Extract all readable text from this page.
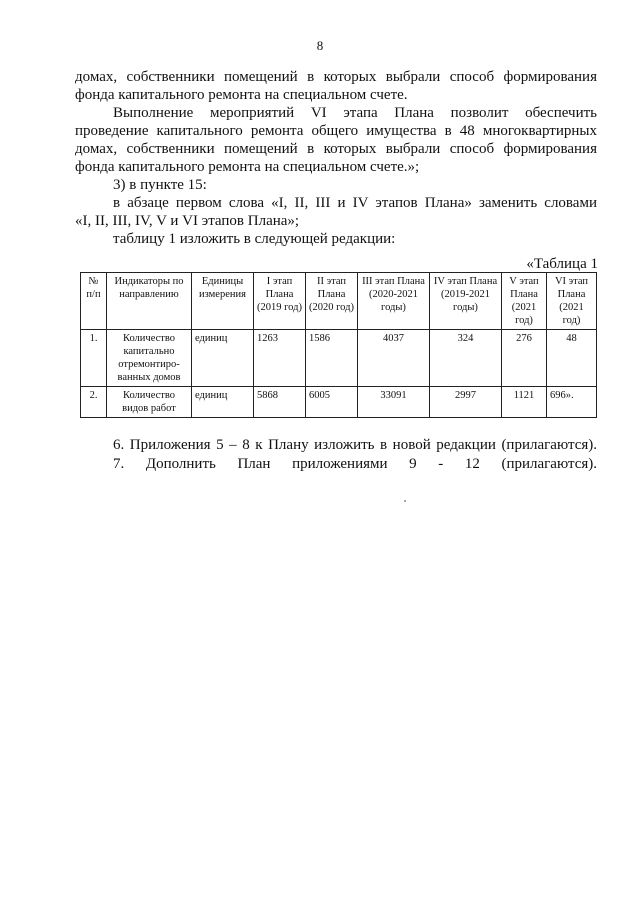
8
домах, собственники помещений в которых выбрали способ формирования
фонда капитального ремонта на специальном счете.
Выполнение мероприятий VI этапа Плана позволит обеспечить
проведение капитального ремонта общего имущества в 48 многоквартирных
домах, собственники помещений в которых выбрали способ формирования
фонда капитального ремонта на специальном счете.»;
3) в пункте 15:
в абзаце первом слова «I, II, III и IV этапов Плана» заменить словами
«I, II, III, IV, V и VI этапов Плана»;
таблицу 1 изложить в следующей редакции:
«Таблица 1
№ п/п	Индикаторы по направлению	Единицы измерения	I этап Плана (2019 год)	II этап Плана (2020 год)	III этап Плана (2020-2021 годы)	IV этап Плана (2019-2021 годы)	V этап Плана (2021 год)	VI этап Плана (2021 год)
1.	Количество капитально отремонтиро-ванных домов	единиц	1263	1586	4037	324	276	48
2.	Количество видов работ	единиц	5868	6005	33091	2997	1121	696».
6. Приложения 5 – 8 к Плану изложить в новой редакции (прилагаются).
7. Дополнить План приложениями 9 - 12 (прилагаются).
